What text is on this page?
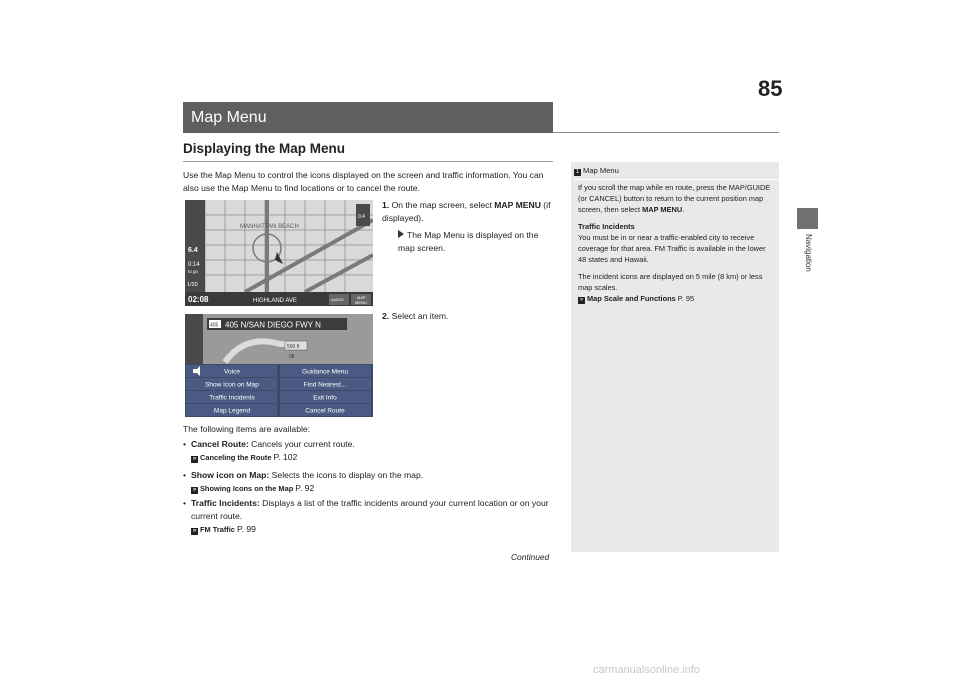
Map Menu
85
Navigation
Displaying the Map Menu
Use the Map Menu to control the icons displayed on the screen and traffic information. You can also use the Map Menu to find locations or to cancel the route.
MANHATTAN BEACH
6.4
0:14
to go
1/20
0.4
02:08	HIGHLAND AVE	AUDIO	MAP
MENU
1. On the map screen, select MAP MENU (if displayed).
The Map Menu is displayed on the map screen.
2. Select an item.
405 405 N/SAN DIEGO FWY N
500 ft
0ft
Voice	Guidance Menu
Show Icon on Map	Find Nearest...
Traffic Incidents	Exit Info
Map Legend	Cancel Route
The following items are available:
• Cancel Route: Cancels your current route.
» Canceling the Route P. 102
• Show icon on Map: Selects the icons to display on the map.
» Showing Icons on the Map P. 92
• Traffic Incidents: Displays a list of the traffic incidents around your current location or on your current route.
» FM Traffic P. 99
Continued
1 Map Menu
If you scroll the map while en route, press the MAP/GUIDE (or CANCEL) button to return to the current position map screen, then select MAP MENU.
Traffic Incidents
You must be in or near a traffic-enabled city to receive coverage for that area. FM Traffic is available in the lower 48 states and Hawaii.
The incident icons are displayed on 5 mile (8 km) or less map scales.
» Map Scale and Functions P. 95
carmanualsonline.info
